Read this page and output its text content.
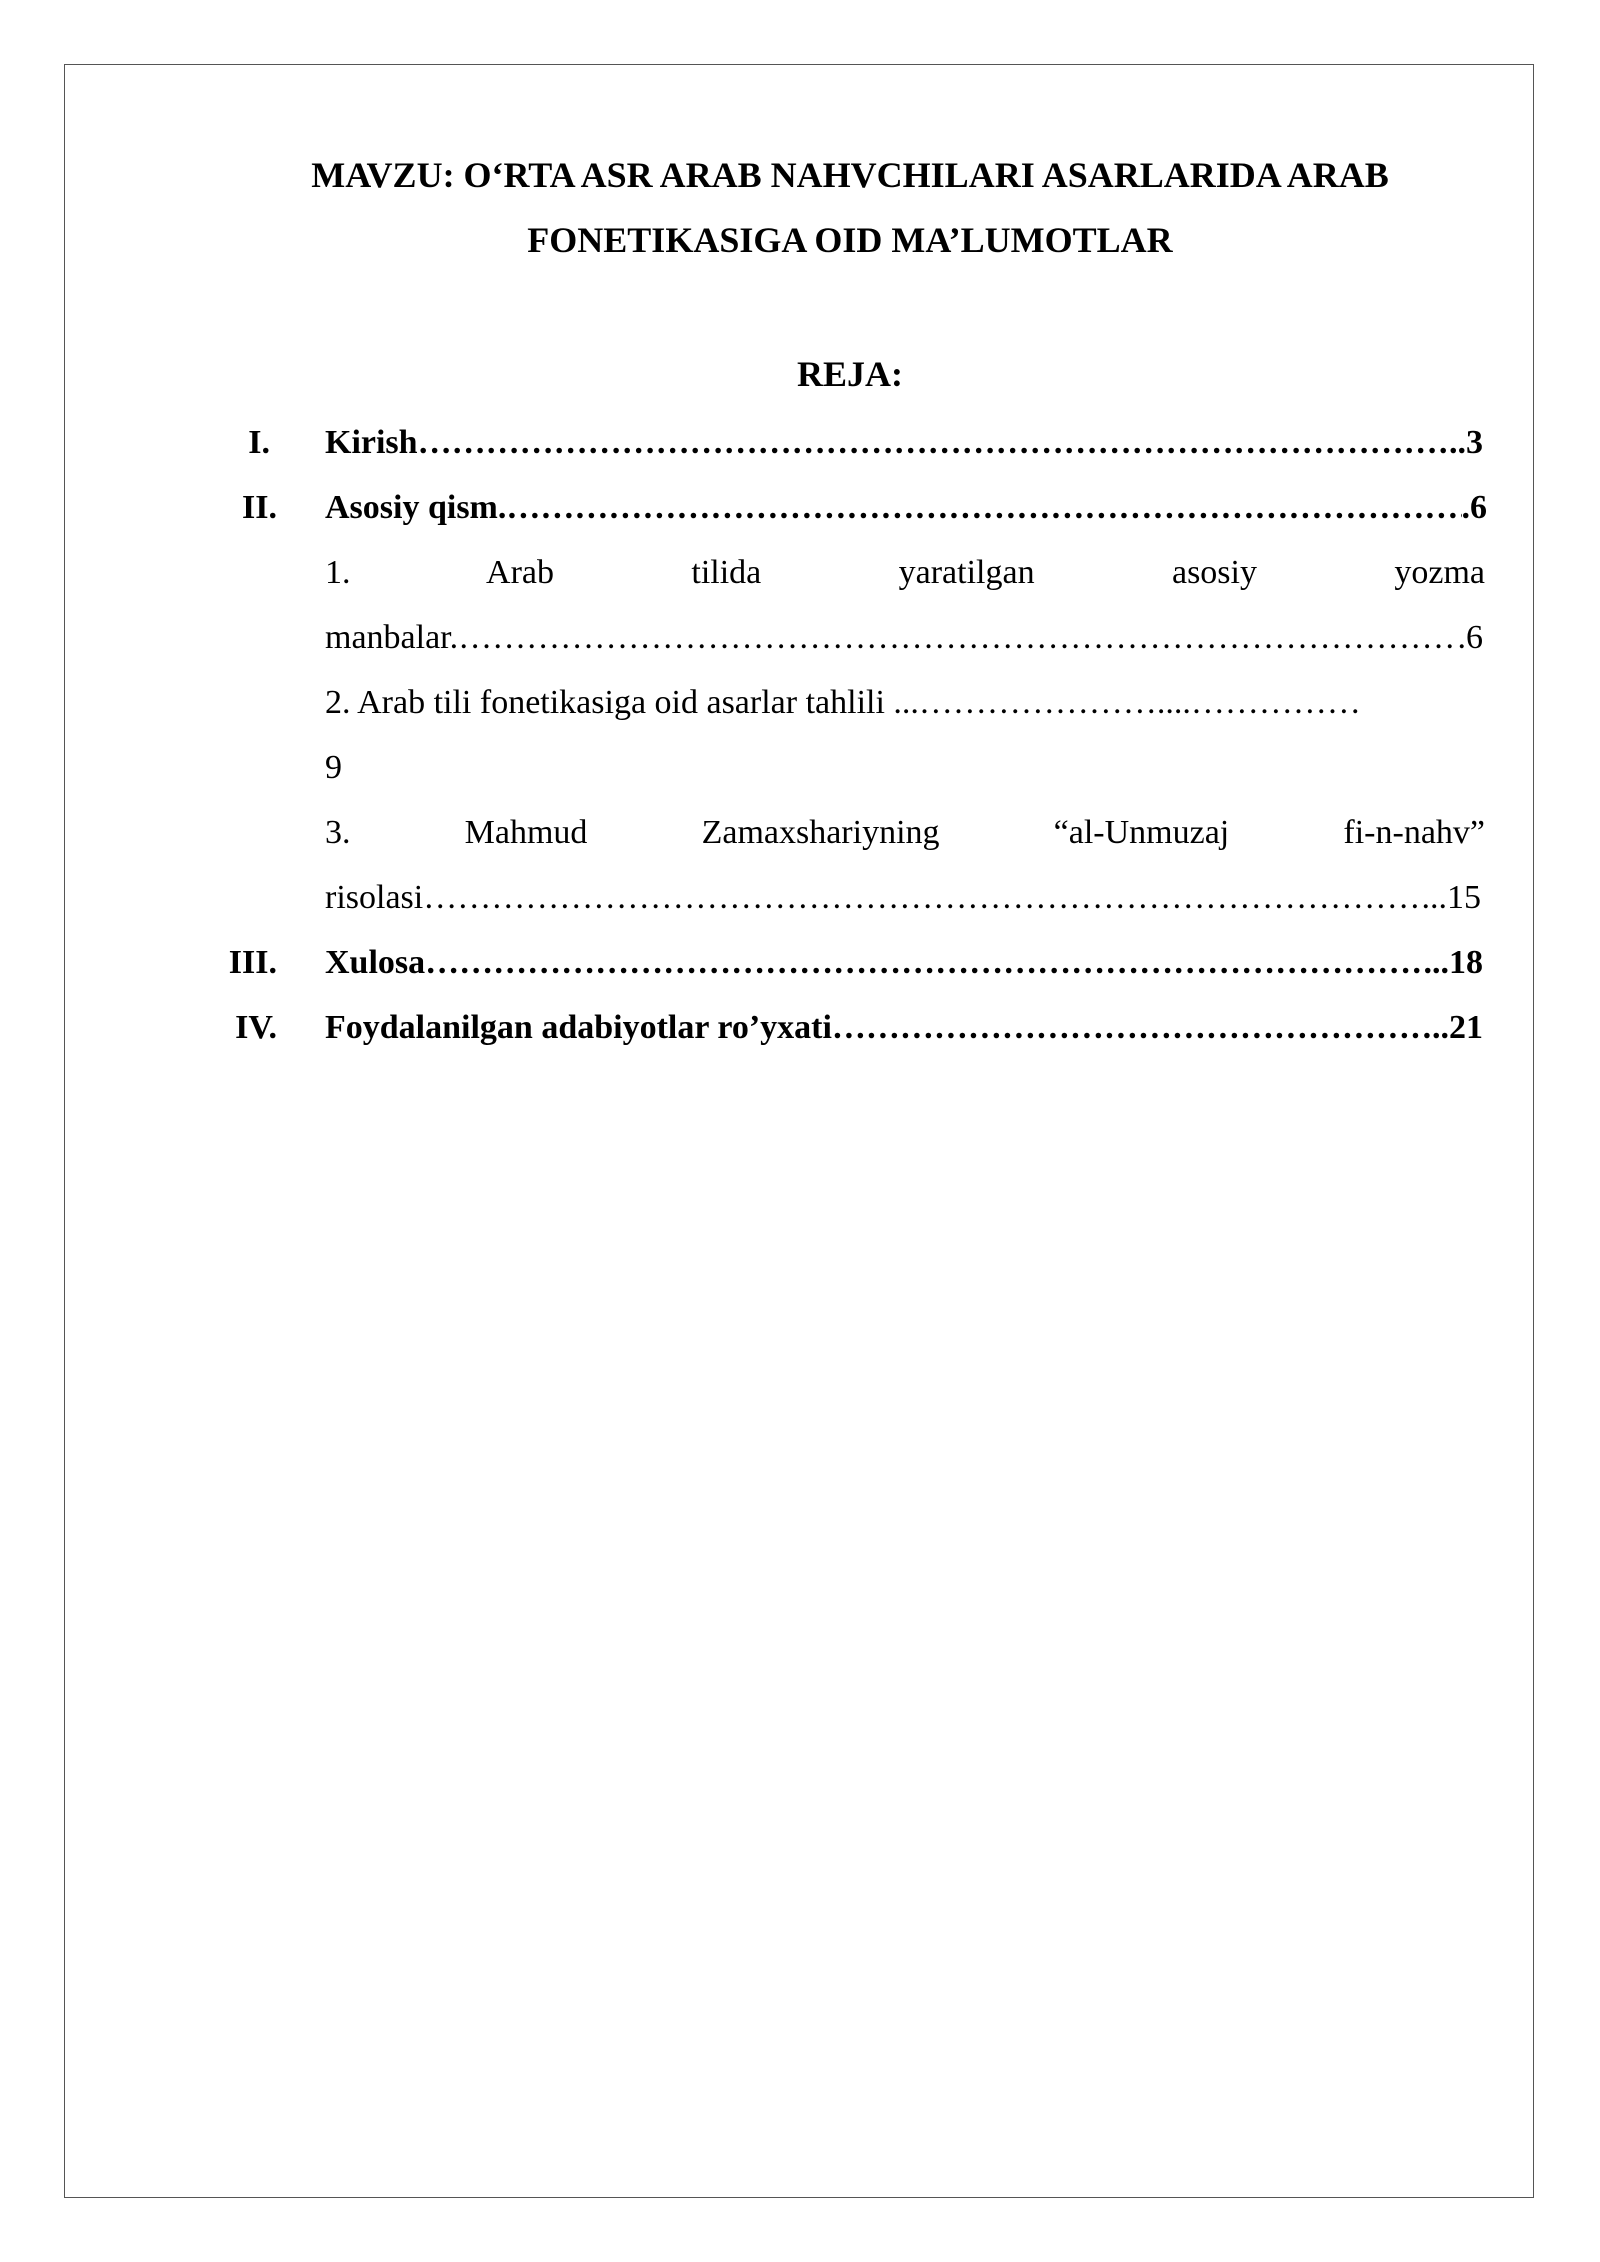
MAVZU: O‘RTA ASR ARAB NAHVCHILARI ASARLARIDA ARAB
FONETIKASIGA OID MA’LUMOTLAR
REJA:
I. Kirish ……………………………………………………………………………………………………………………………………………………………………………	..3
II. Asosiy qism. ……………………………………………………………………………………………………………………………………………………………………………	.6
1. Arab tilida yaratilgan asosiy yozma
manbalar. ……………………………………………………………………………………………………………………………………………………………………………	.6
2. Arab tili fonetikasiga oid asarlar tahlili ...…………………....……………
9
3. Mahmud Zamaxshariyning “al-Unmuzaj fi-n-nahv”
risolasi ……………………………………………………………………………………………………………………………………………………………………………	...15
III. Xulosa ……………………………………………………………………………………………………………………………………………………………………………	...18
IV. Foydalanilgan adabiyotlar ro’yxati ……………………………………………………………………………………………………………………………………………………………………………	..21
